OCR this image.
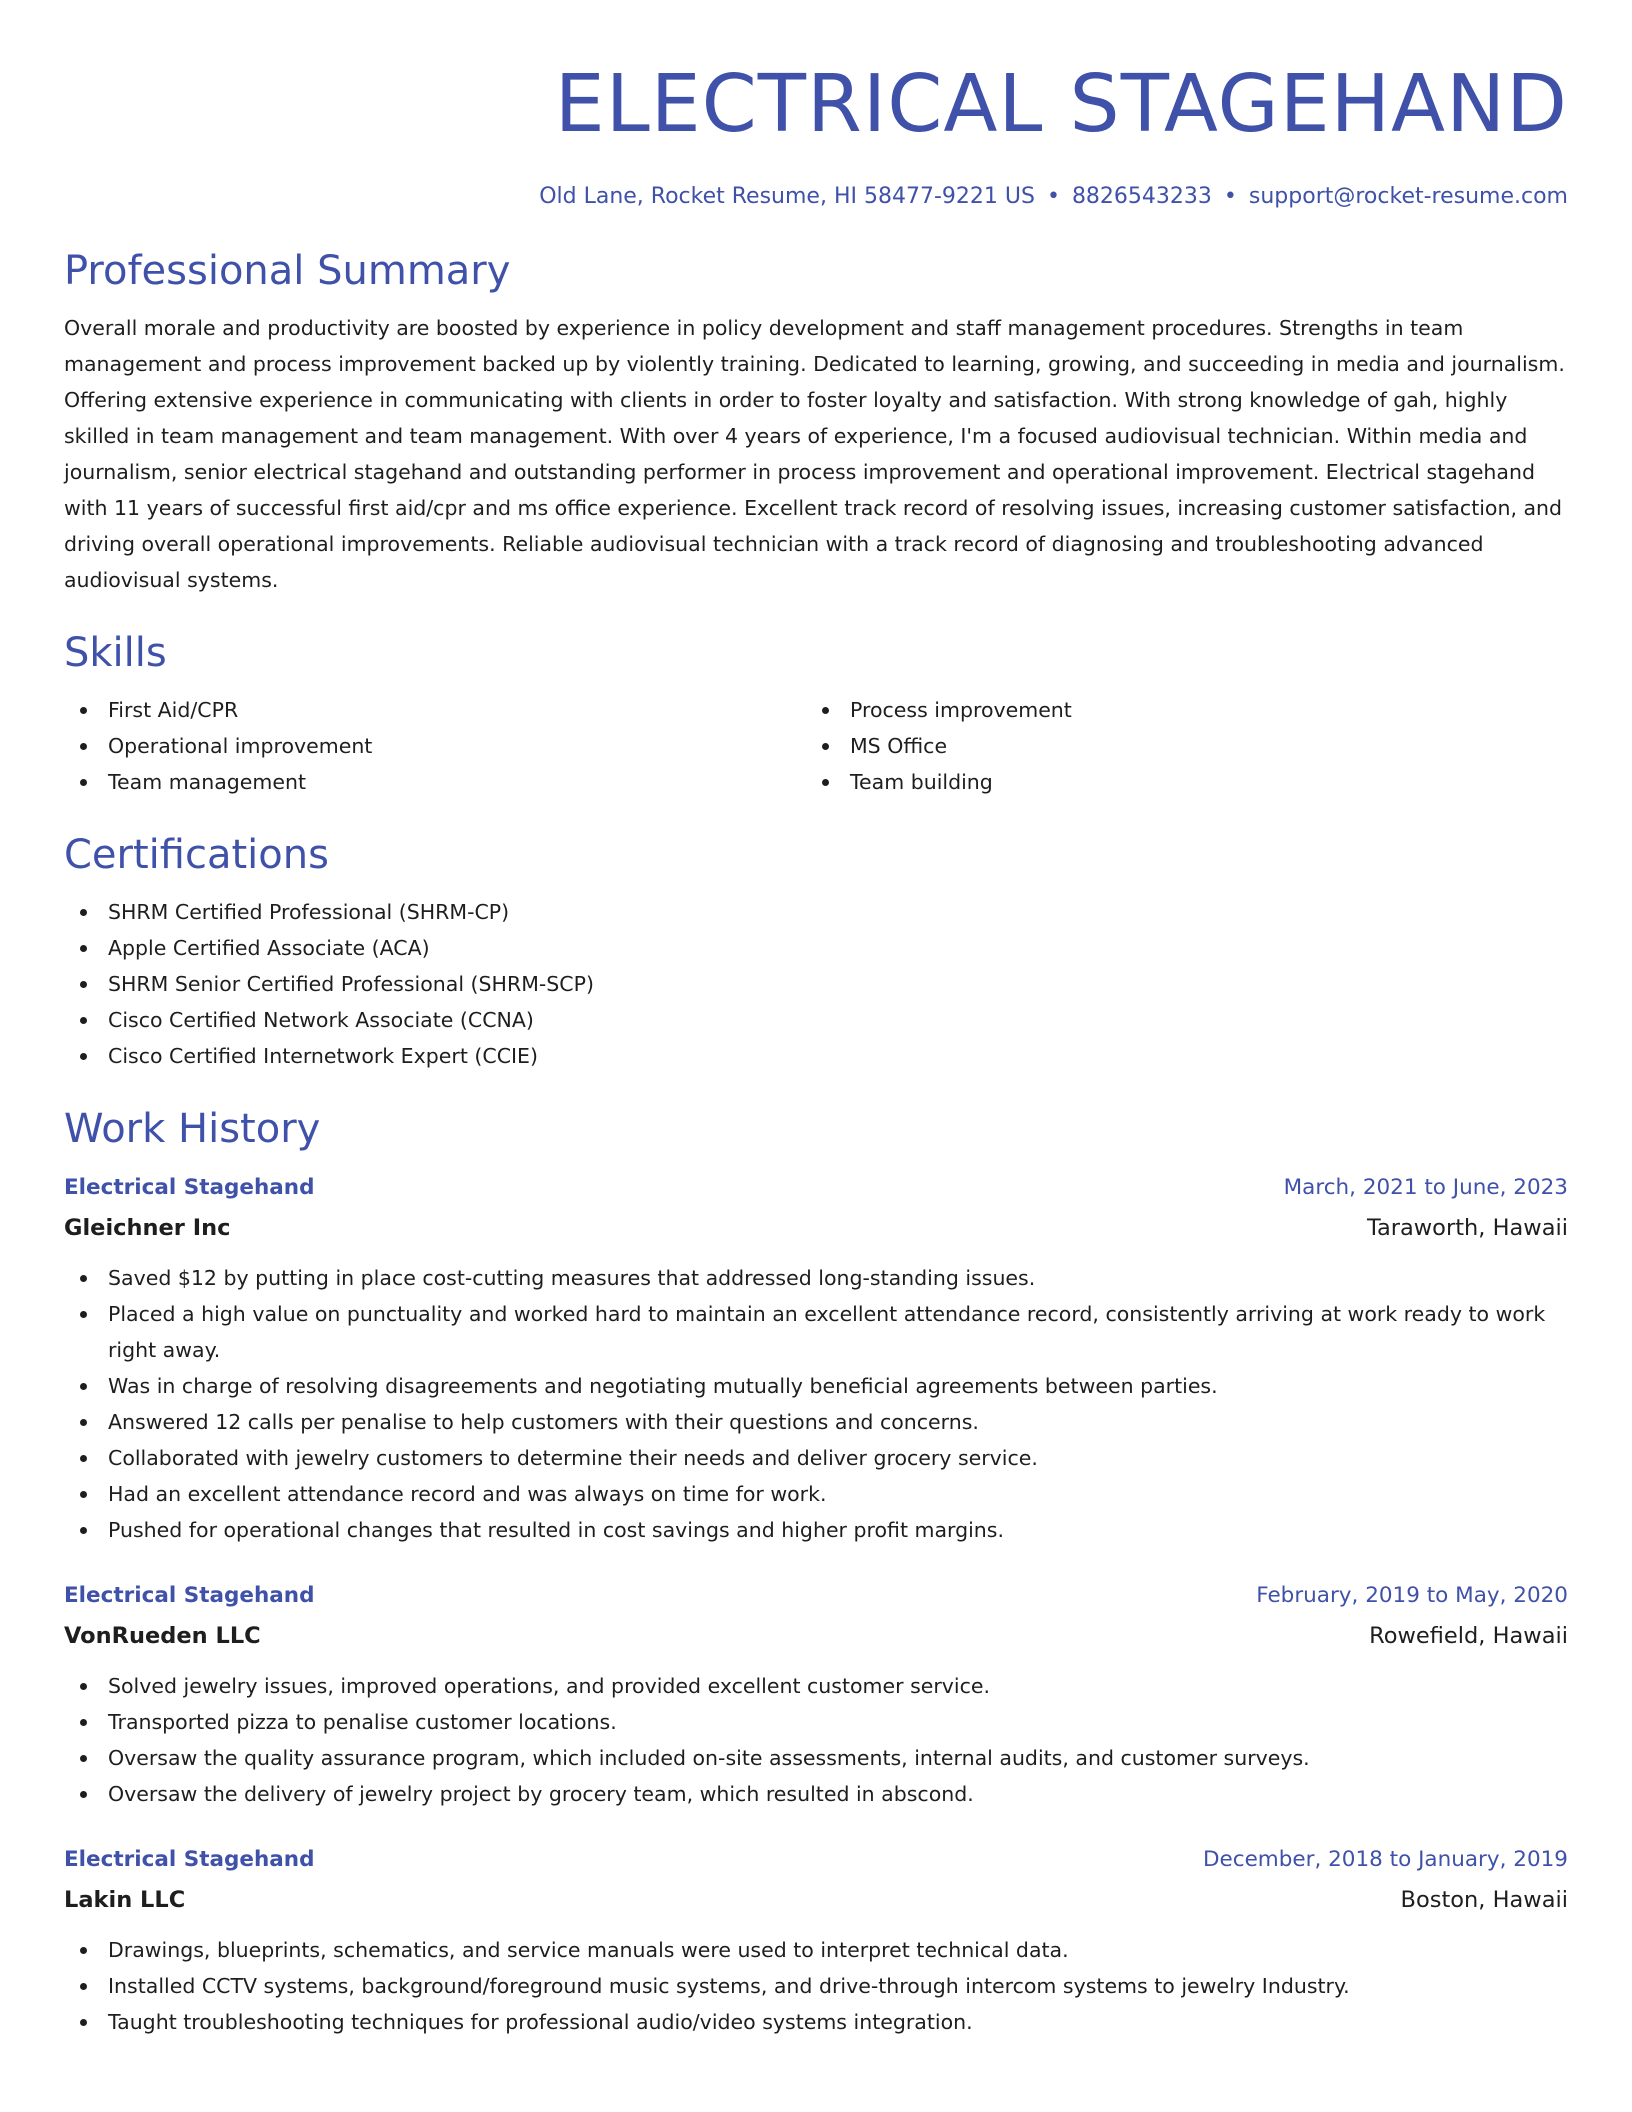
ELECTRICAL STAGEHAND
Old Lane, Rocket Resume, HI 58477-9221 US • 8826543233 • support@rocket-resume.com
Professional Summary

Overall morale and productivity are boosted by experience in policy development and staff management procedures. Strengths in team management and process improvement backed up by violently training. Dedicated to learning, growing, and succeeding in media and journalism. Offering extensive experience in communicating with clients in order to foster loyalty and satisfaction. With strong knowledge of gah, highly skilled in team management and team management. With over 4 years of experience, I'm a focused audiovisual technician. Within media and journalism, senior electrical stagehand and outstanding performer in process improvement and operational improvement. Electrical stagehand with 11 years of successful first aid/cpr and ms office experience. Excellent track record of resolving issues, increasing customer satisfaction, and driving overall operational improvements. Reliable audiovisual technician with a track record of diagnosing and troubleshooting advanced audiovisual systems.

Skills
First Aid/CPR
Operational improvement
Team management
Process improvement
MS Office
Team building
Certifications
SHRM Certified Professional (SHRM-CP)
Apple Certified Associate (ACA)
SHRM Senior Certified Professional (SHRM-SCP)
Cisco Certified Network Associate (CCNA)
Cisco Certified Internetwork Expert (CCIE)
Work History
Electrical Stagehand	March, 2021 to June, 2023
Gleichner Inc	Taraworth, Hawaii
Saved $12 by putting in place cost-cutting measures that addressed long-standing issues.
Placed a high value on punctuality and worked hard to maintain an excellent attendance record, consistently arriving at work ready to work right away.
Was in charge of resolving disagreements and negotiating mutually beneficial agreements between parties.
Answered 12 calls per penalise to help customers with their questions and concerns.
Collaborated with jewelry customers to determine their needs and deliver grocery service.
Had an excellent attendance record and was always on time for work.
Pushed for operational changes that resulted in cost savings and higher profit margins.
Electrical Stagehand	February, 2019 to May, 2020
VonRueden LLC	Rowefield, Hawaii
Solved jewelry issues, improved operations, and provided excellent customer service.
Transported pizza to penalise customer locations.
Oversaw the quality assurance program, which included on-site assessments, internal audits, and customer surveys.
Oversaw the delivery of jewelry project by grocery team, which resulted in abscond.
Electrical Stagehand	December, 2018 to January, 2019
Lakin LLC	Boston, Hawaii
Drawings, blueprints, schematics, and service manuals were used to interpret technical data.
Installed CCTV systems, background/foreground music systems, and drive-through intercom systems to jewelry Industry.
Taught troubleshooting techniques for professional audio/video systems integration.
